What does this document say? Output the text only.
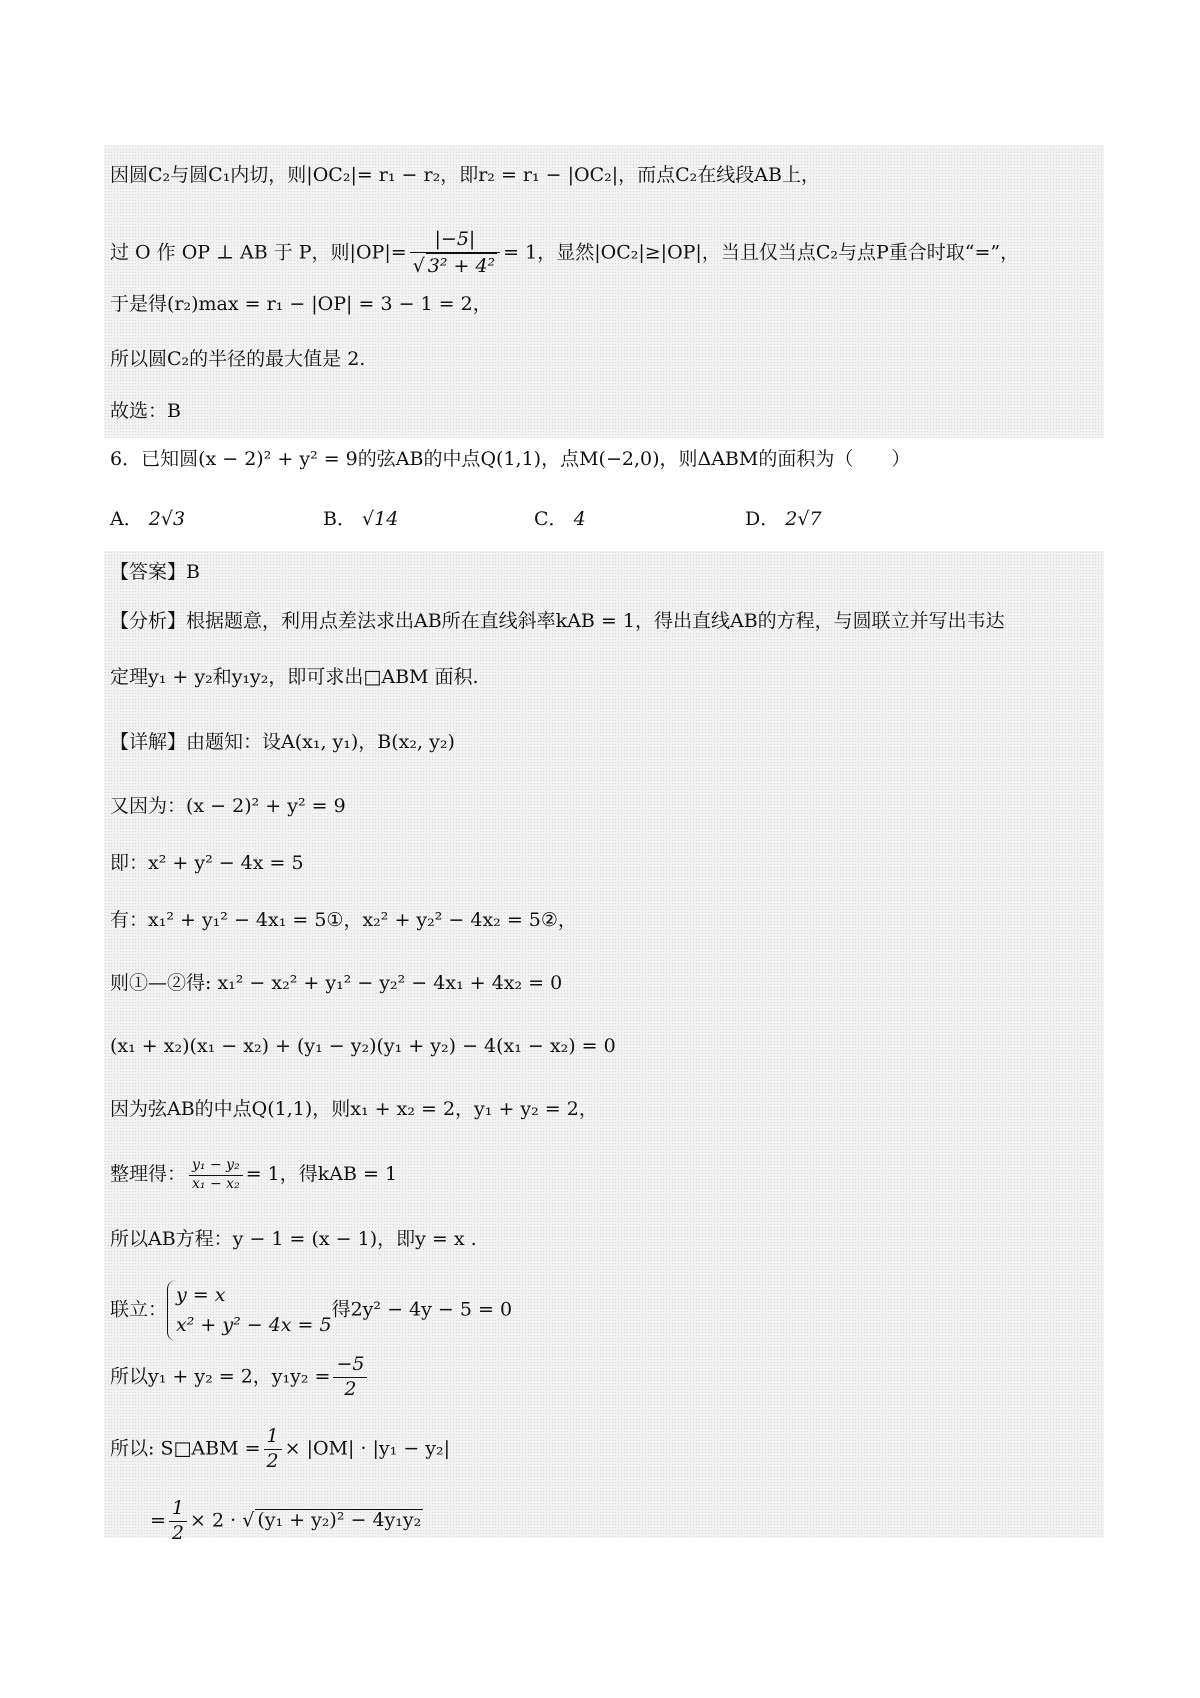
因圆C₂与圆C₁内切，则|OC₂|= r₁ − r₂，即r₂ = r₁ − |OC₂|，而点C₂在线段AB上，
过 O 作 OP ⊥ AB 于 P，则$|OP|= \frac{|-5|}{\text{√ 3² + 4²}} = 1$，显然|OC₂|≥|OP|，当且仅当点C₂与点P重合时取“=”，
于是得(r₂)max = r₁ − |OP| = 3 − 1 = 2，
所以圆C₂的半径的最大值是 2.
故选：B
6．已知圆(x − 2)² + y² = 9的弦AB的中点Q(1,1)，点M(−2,0)，则ΔABM的面积为（　　）
A． 2√3	B． √14	C． 4	D． 2√7
【答案】B
【分析】根据题意，利用点差法求出AB所在直线斜率kAB = 1，得出直线AB的方程，与圆联立并写出韦达
定理y₁ + y₂和y₁y₂，即可求出□ABM 面积.
【详解】由题知：设A(x₁, y₁)，B(x₂, y₂)
又因为：(x − 2)² + y² = 9
即：x² + y² − 4x = 5
有：x₁² + y₁² − 4x₁ = 5①，x₂² + y₂² − 4x₂ = 5②，
则①—②得: x₁² − x₂² + y₁² − y₂² − 4x₁ + 4x₂ = 0
(x₁ + x₂)(x₁ − x₂) + (y₁ − y₂)(y₁ + y₂) − 4(x₁ − x₂) = 0
因为弦AB的中点Q(1,1)，则x₁ + x₂ = 2，y₁ + y₂ = 2，
整理得： $\frac{\text{y₁ − y₂}}{\text{x₁ − x₂}} = 1$，得kAB = 1
所以AB方程：y − 1 = (x − 1)，即y = x .
联立：
y = x
x² + y² − 4x = 5
得2y² − 4y − 5 = 0
所以y₁ + y₂ = 2，$y_1y_2 = \frac{-5}{2}$
所以: S□ABM = $\frac{1}{2} \times |OM| \cdot |y_1 - y_2|$
= $\frac{1}{2} \times 2$ · √ (y₁ + y₂)² − 4y₁y₂
